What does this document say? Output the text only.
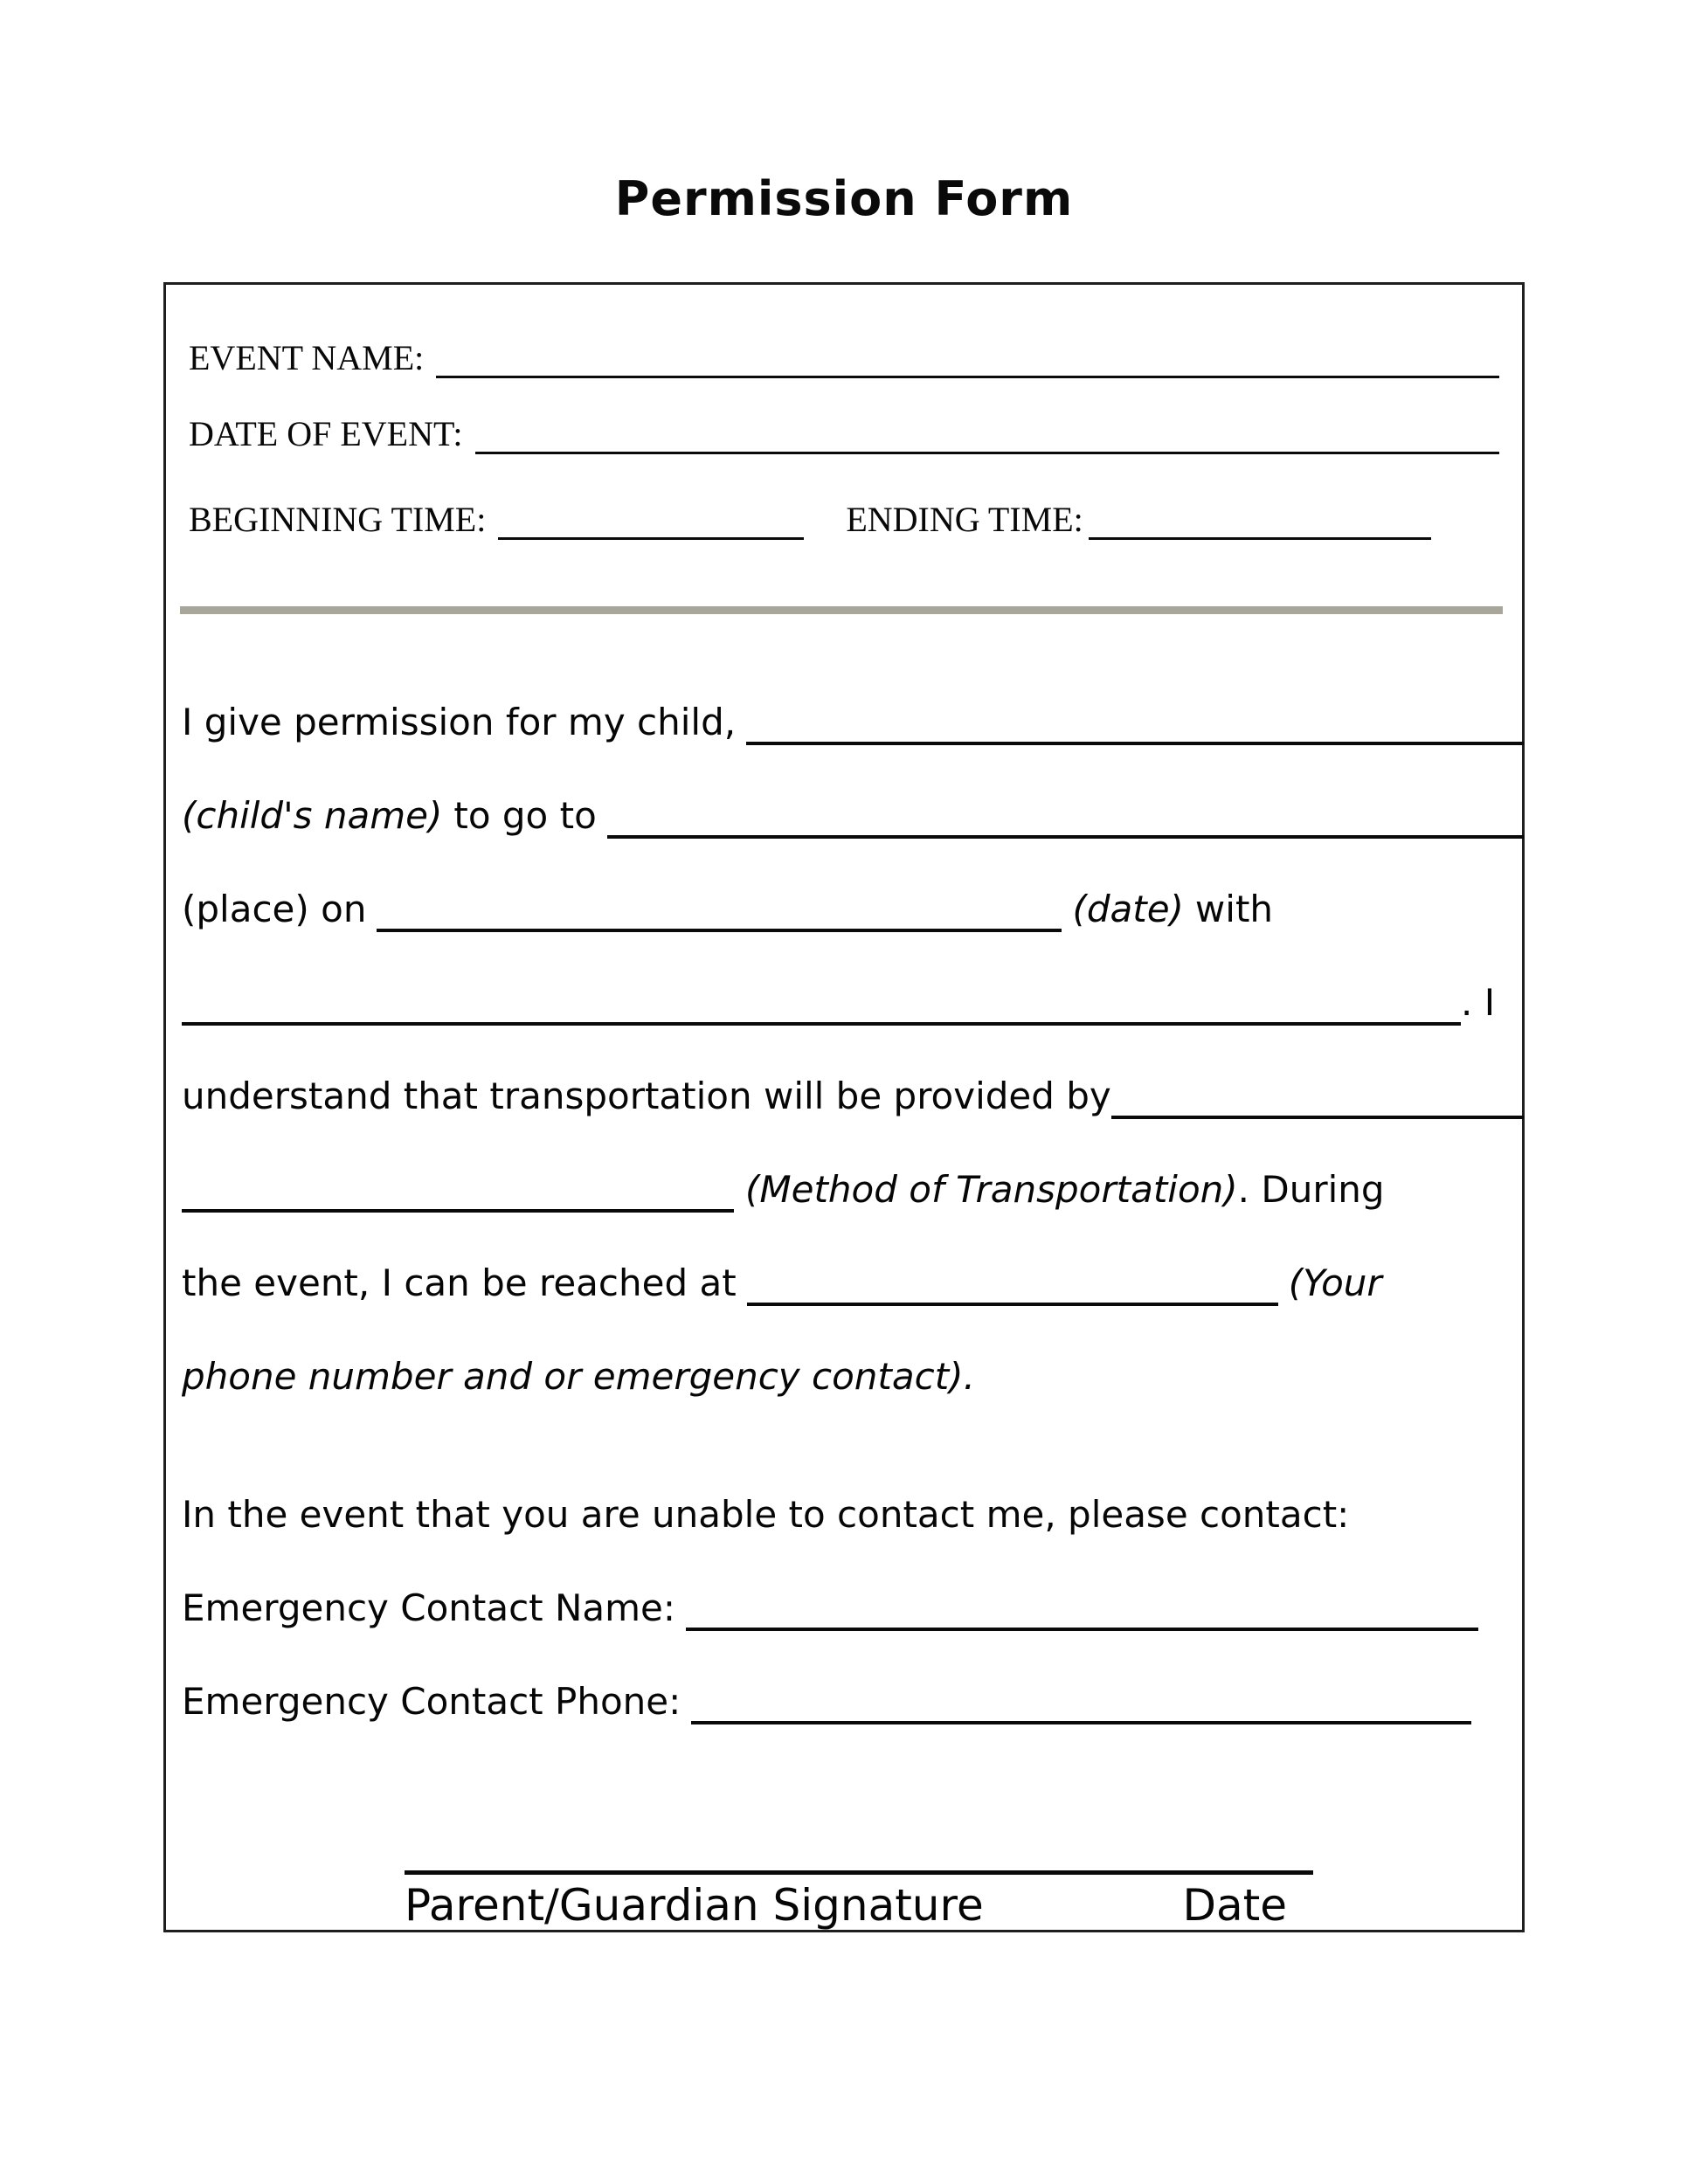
Permission Form
EVENT NAME:
DATE OF EVENT:
BEGINNING TIME:	ENDING TIME:
I give permission for my child,
(child's name) to go to
(place) on	(date) with
. I
understand that transportation will be provided by
(Method of Transportation). During
the event, I can be reached at	(Your
phone number and or emergency contact).
In the event that you are unable to contact me, please contact:
Emergency Contact Name:
Emergency Contact Phone:
Parent/Guardian Signature	Date
